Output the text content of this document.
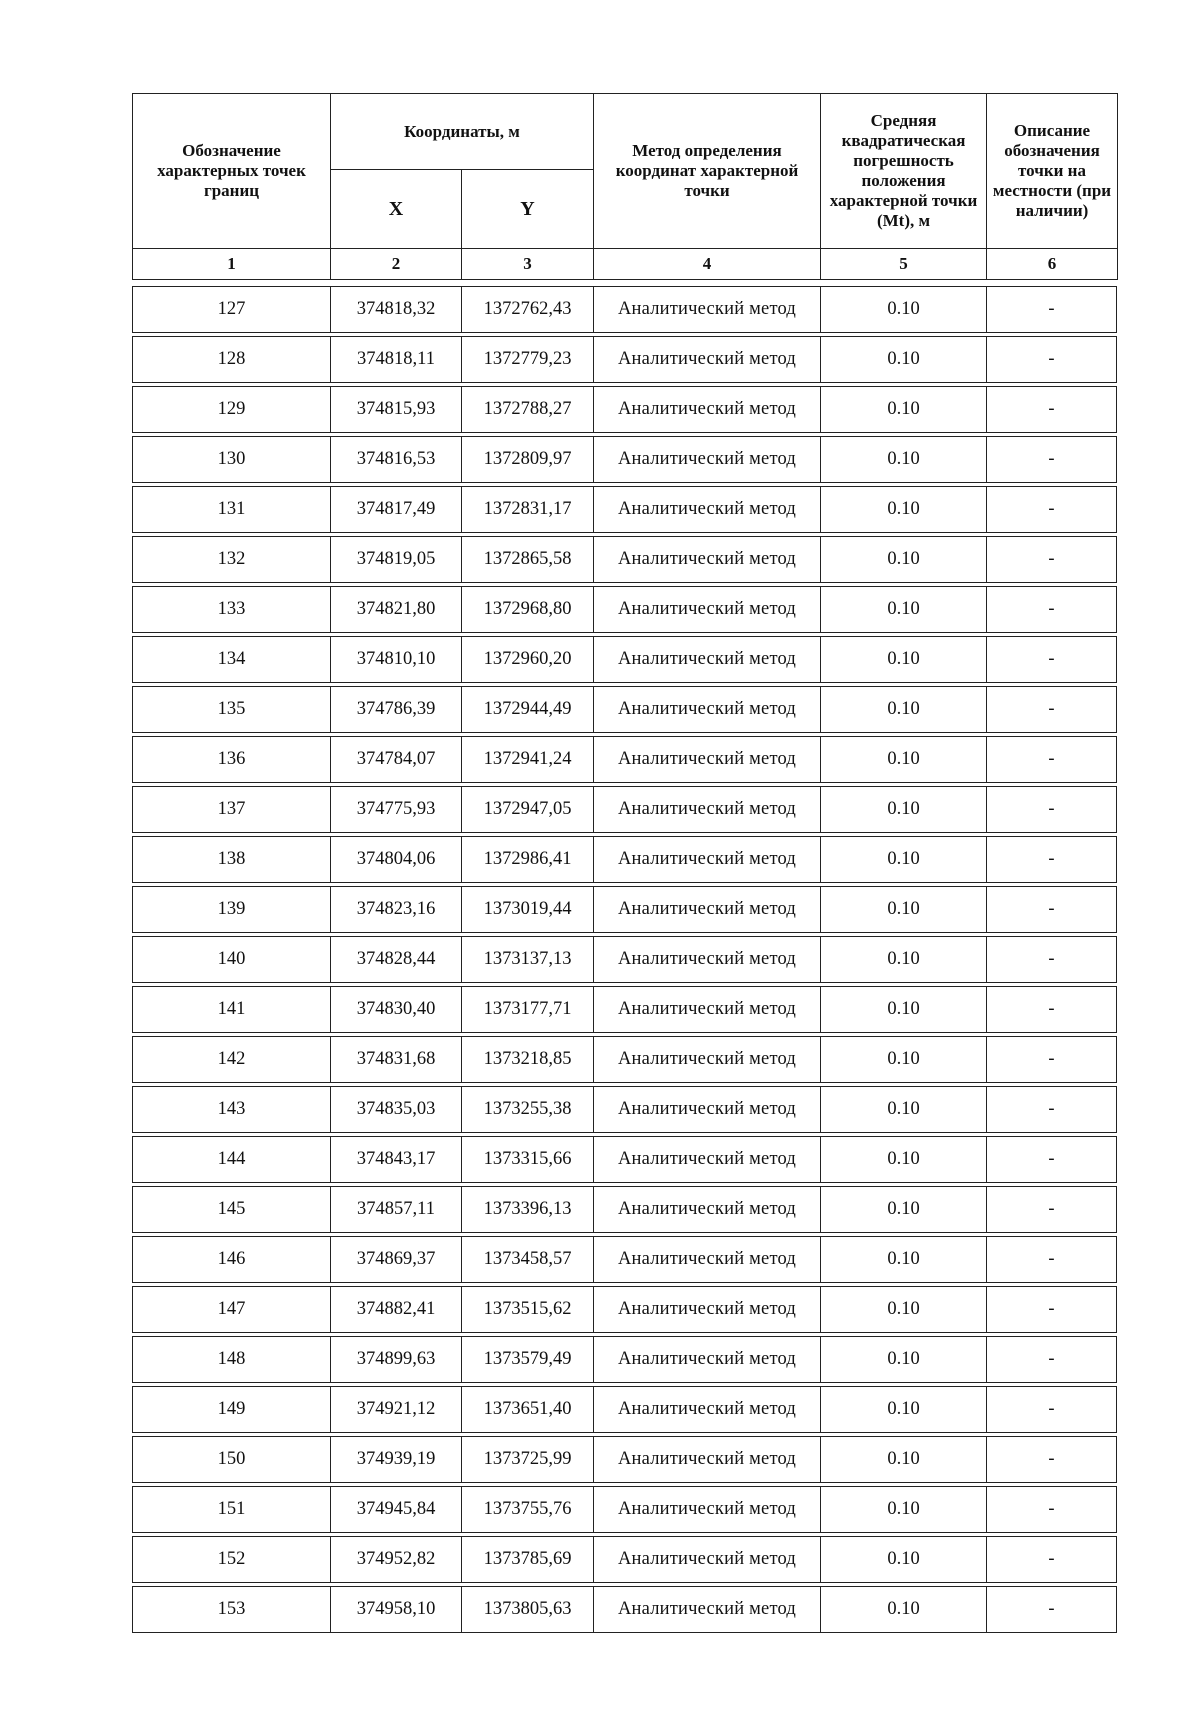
Обозначение характерных точек границ	Координаты, м		Метод определения координат характерной точки	Средняя квадратическая погрешность положения характерной точки (Mt), м	Описание обозначения точки на местности (при наличии)
	X	Y			
1	2	3	4	5	6
127	374818,32	1372762,43	Аналитический метод	0.10	-
128	374818,11	1372779,23	Аналитический метод	0.10	-
129	374815,93	1372788,27	Аналитический метод	0.10	-
130	374816,53	1372809,97	Аналитический метод	0.10	-
131	374817,49	1372831,17	Аналитический метод	0.10	-
132	374819,05	1372865,58	Аналитический метод	0.10	-
133	374821,80	1372968,80	Аналитический метод	0.10	-
134	374810,10	1372960,20	Аналитический метод	0.10	-
135	374786,39	1372944,49	Аналитический метод	0.10	-
136	374784,07	1372941,24	Аналитический метод	0.10	-
137	374775,93	1372947,05	Аналитический метод	0.10	-
138	374804,06	1372986,41	Аналитический метод	0.10	-
139	374823,16	1373019,44	Аналитический метод	0.10	-
140	374828,44	1373137,13	Аналитический метод	0.10	-
141	374830,40	1373177,71	Аналитический метод	0.10	-
142	374831,68	1373218,85	Аналитический метод	0.10	-
143	374835,03	1373255,38	Аналитический метод	0.10	-
144	374843,17	1373315,66	Аналитический метод	0.10	-
145	374857,11	1373396,13	Аналитический метод	0.10	-
146	374869,37	1373458,57	Аналитический метод	0.10	-
147	374882,41	1373515,62	Аналитический метод	0.10	-
148	374899,63	1373579,49	Аналитический метод	0.10	-
149	374921,12	1373651,40	Аналитический метод	0.10	-
150	374939,19	1373725,99	Аналитический метод	0.10	-
151	374945,84	1373755,76	Аналитический метод	0.10	-
152	374952,82	1373785,69	Аналитический метод	0.10	-
153	374958,10	1373805,63	Аналитический метод	0.10	-
